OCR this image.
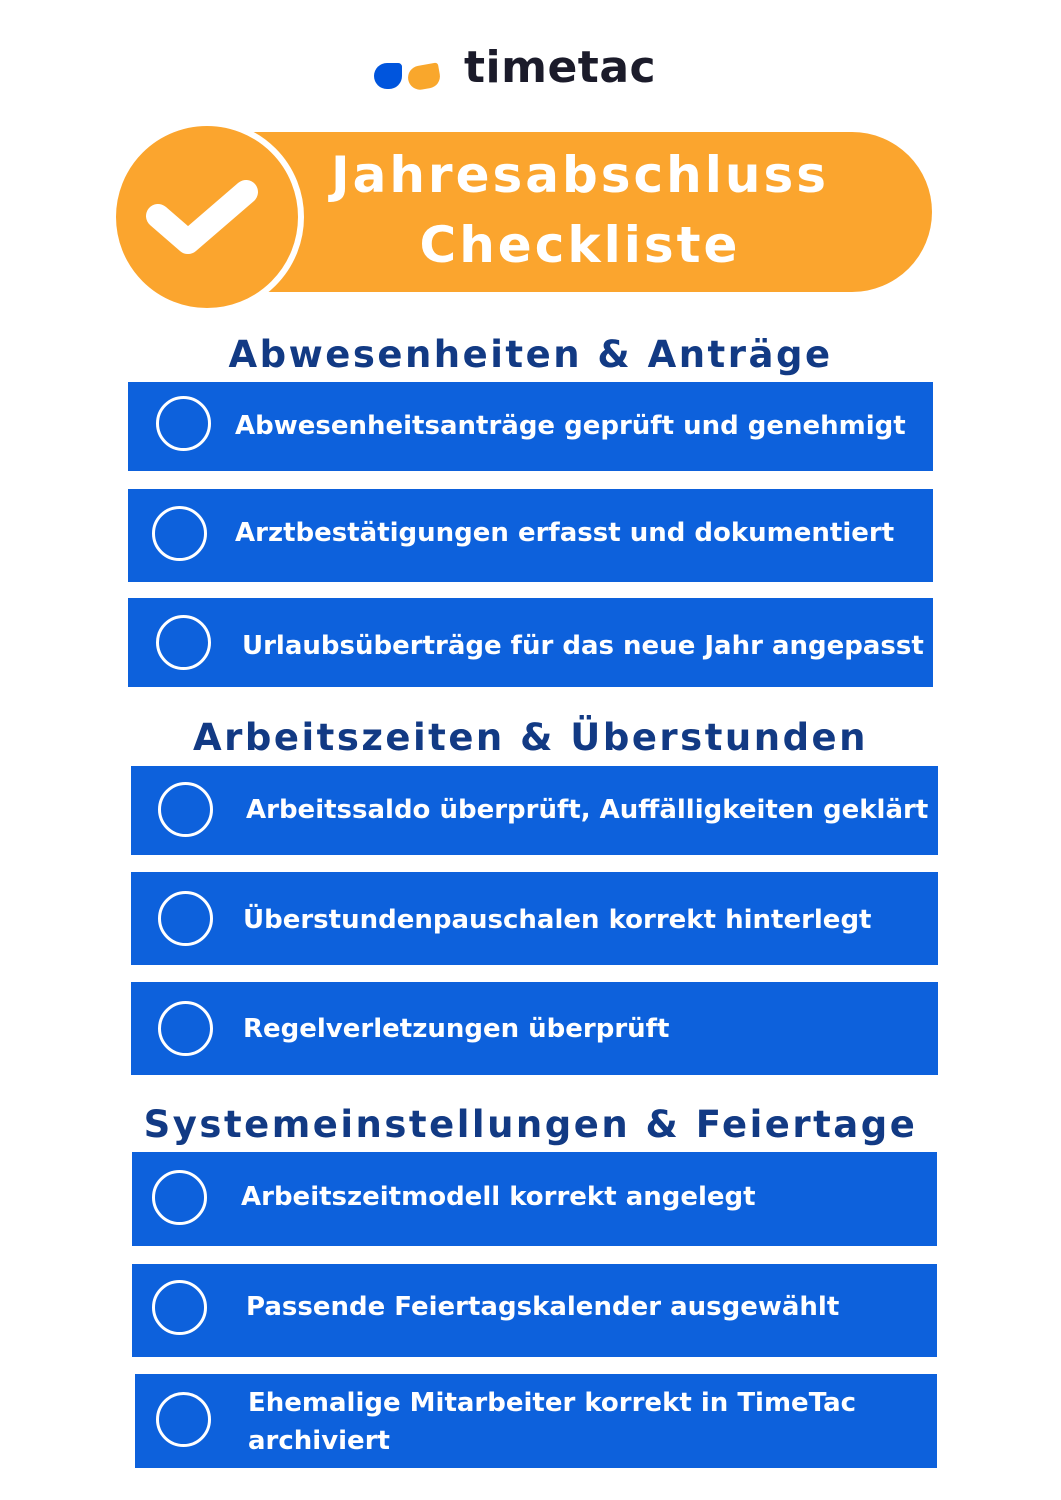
timetac
Jahresabschluss
Checkliste
Abwesenheiten & Anträge
Abwesenheitsanträge geprüft und genehmigt
Arztbestätigungen erfasst und dokumentiert
Urlaubsüberträge für das neue Jahr angepasst
Arbeitszeiten & Überstunden
Arbeitssaldo überprüft, Auffälligkeiten geklärt
Überstundenpauschalen korrekt hinterlegt
Regelverletzungen überprüft
Systemeinstellungen & Feiertage
Arbeitszeitmodell korrekt angelegt
Passende Feiertagskalender ausgewählt
Ehemalige Mitarbeiter korrekt in TimeTac
archiviert
